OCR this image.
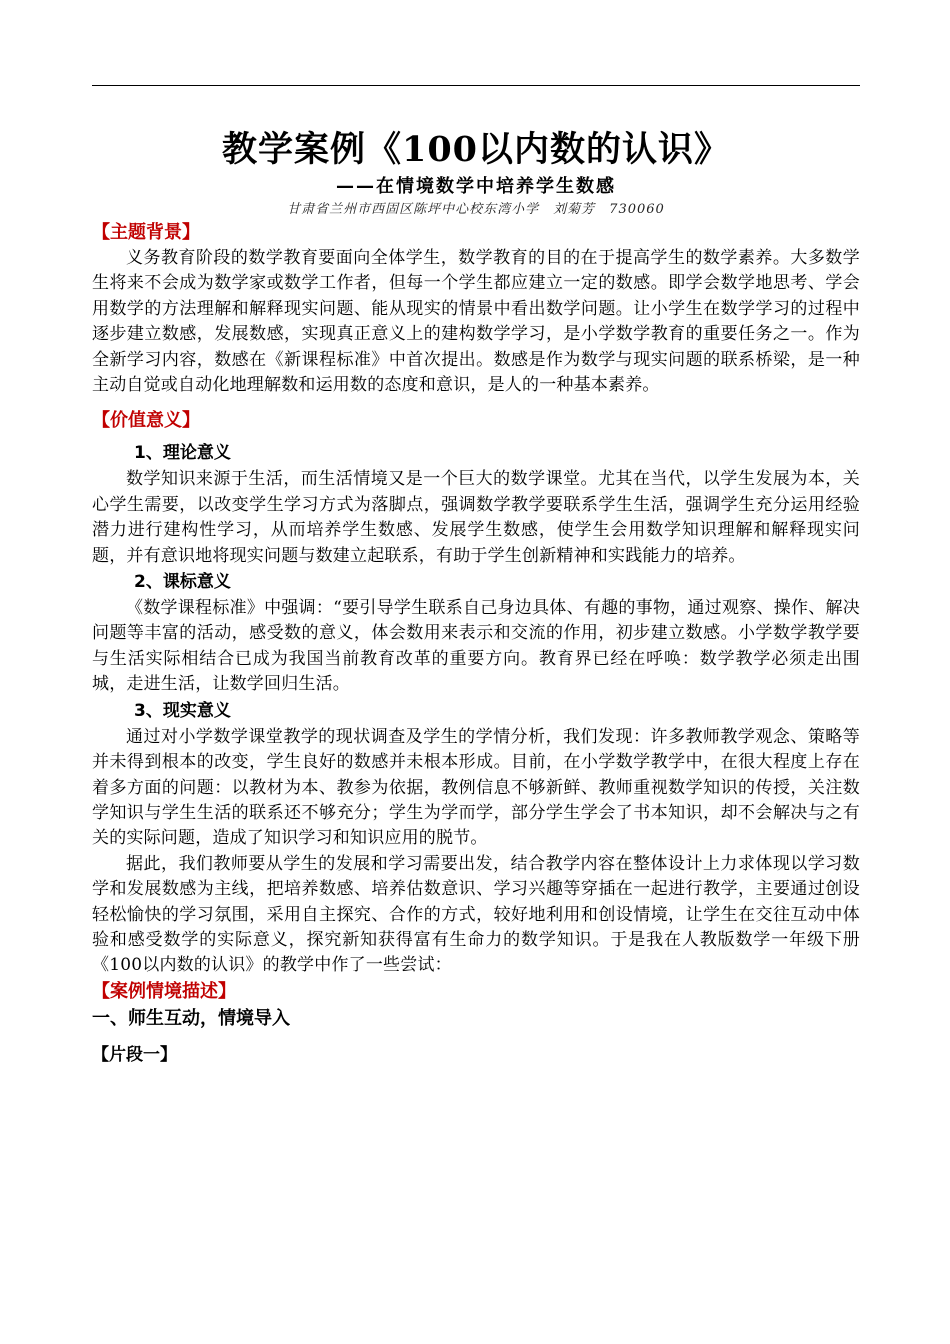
教学案例《100以内数的认识》

——在情境数学中培养学生数感

甘肃省兰州市西固区陈坪中心校东湾小学　刘菊芳　730060

【主题背景】

义务教育阶段的数学教育要面向全体学生，数学教育的目的在于提高学生的数学素养。大多数学生将来不会成为数学家或数学工作者，但每一个学生都应建立一定的数感。即学会数学地思考、学会用数学的方法理解和解释现实问题、能从现实的情景中看出数学问题。让小学生在数学学习的过程中逐步建立数感，发展数感，实现真正意义上的建构数学学习，是小学数学教育的重要任务之一。作为全新学习内容，数感在《新课程标准》中首次提出。数感是作为数学与现实问题的联系桥梁，是一种主动自觉或自动化地理解数和运用数的态度和意识，是人的一种基本素养。

【价值意义】
1、理论意义

数学知识来源于生活，而生活情境又是一个巨大的数学课堂。尤其在当代，以学生发展为本，关心学生需要，以改变学生学习方式为落脚点，强调数学教学要联系学生生活，强调学生充分运用经验潜力进行建构性学习，从而培养学生数感、发展学生数感，使学生会用数学知识理解和解释现实问题，并有意识地将现实问题与数建立起联系，有助于学生创新精神和实践能力的培养。

2、课标意义

《数学课程标准》中强调：“要引导学生联系自己身边具体、有趣的事物，通过观察、操作、解决问题等丰富的活动，感受数的意义，体会数用来表示和交流的作用，初步建立数感。小学数学教学要与生活实际相结合已成为我国当前教育改革的重要方向。教育界已经在呼唤：数学教学必须走出围城，走进生活，让数学回归生活。

3、现实意义

通过对小学数学课堂教学的现状调查及学生的学情分析，我们发现：许多教师教学观念、策略等并未得到根本的改变，学生良好的数感并未根本形成。目前，在小学数学教学中，在很大程度上存在着多方面的问题：以教材为本、教参为依据，教例信息不够新鲜、教师重视数学知识的传授，关注数学知识与学生生活的联系还不够充分；学生为学而学，部分学生学会了书本知识，却不会解决与之有关的实际问题，造成了知识学习和知识应用的脱节。

据此，我们教师要从学生的发展和学习需要出发，结合教学内容在整体设计上力求体现以学习数学和发展数感为主线，把培养数感、培养估数意识、学习兴趣等穿插在一起进行教学，主要通过创设轻松愉快的学习氛围，采用自主探究、合作的方式，较好地利用和创设情境，让学生在交往互动中体验和感受数学的实际意义，探究新知获得富有生命力的数学知识。于是我在人教版数学一年级下册《100以内数的认识》的教学中作了一些尝试：

【案例情境描述】
一、师生互动，情境导入
【片段一】
